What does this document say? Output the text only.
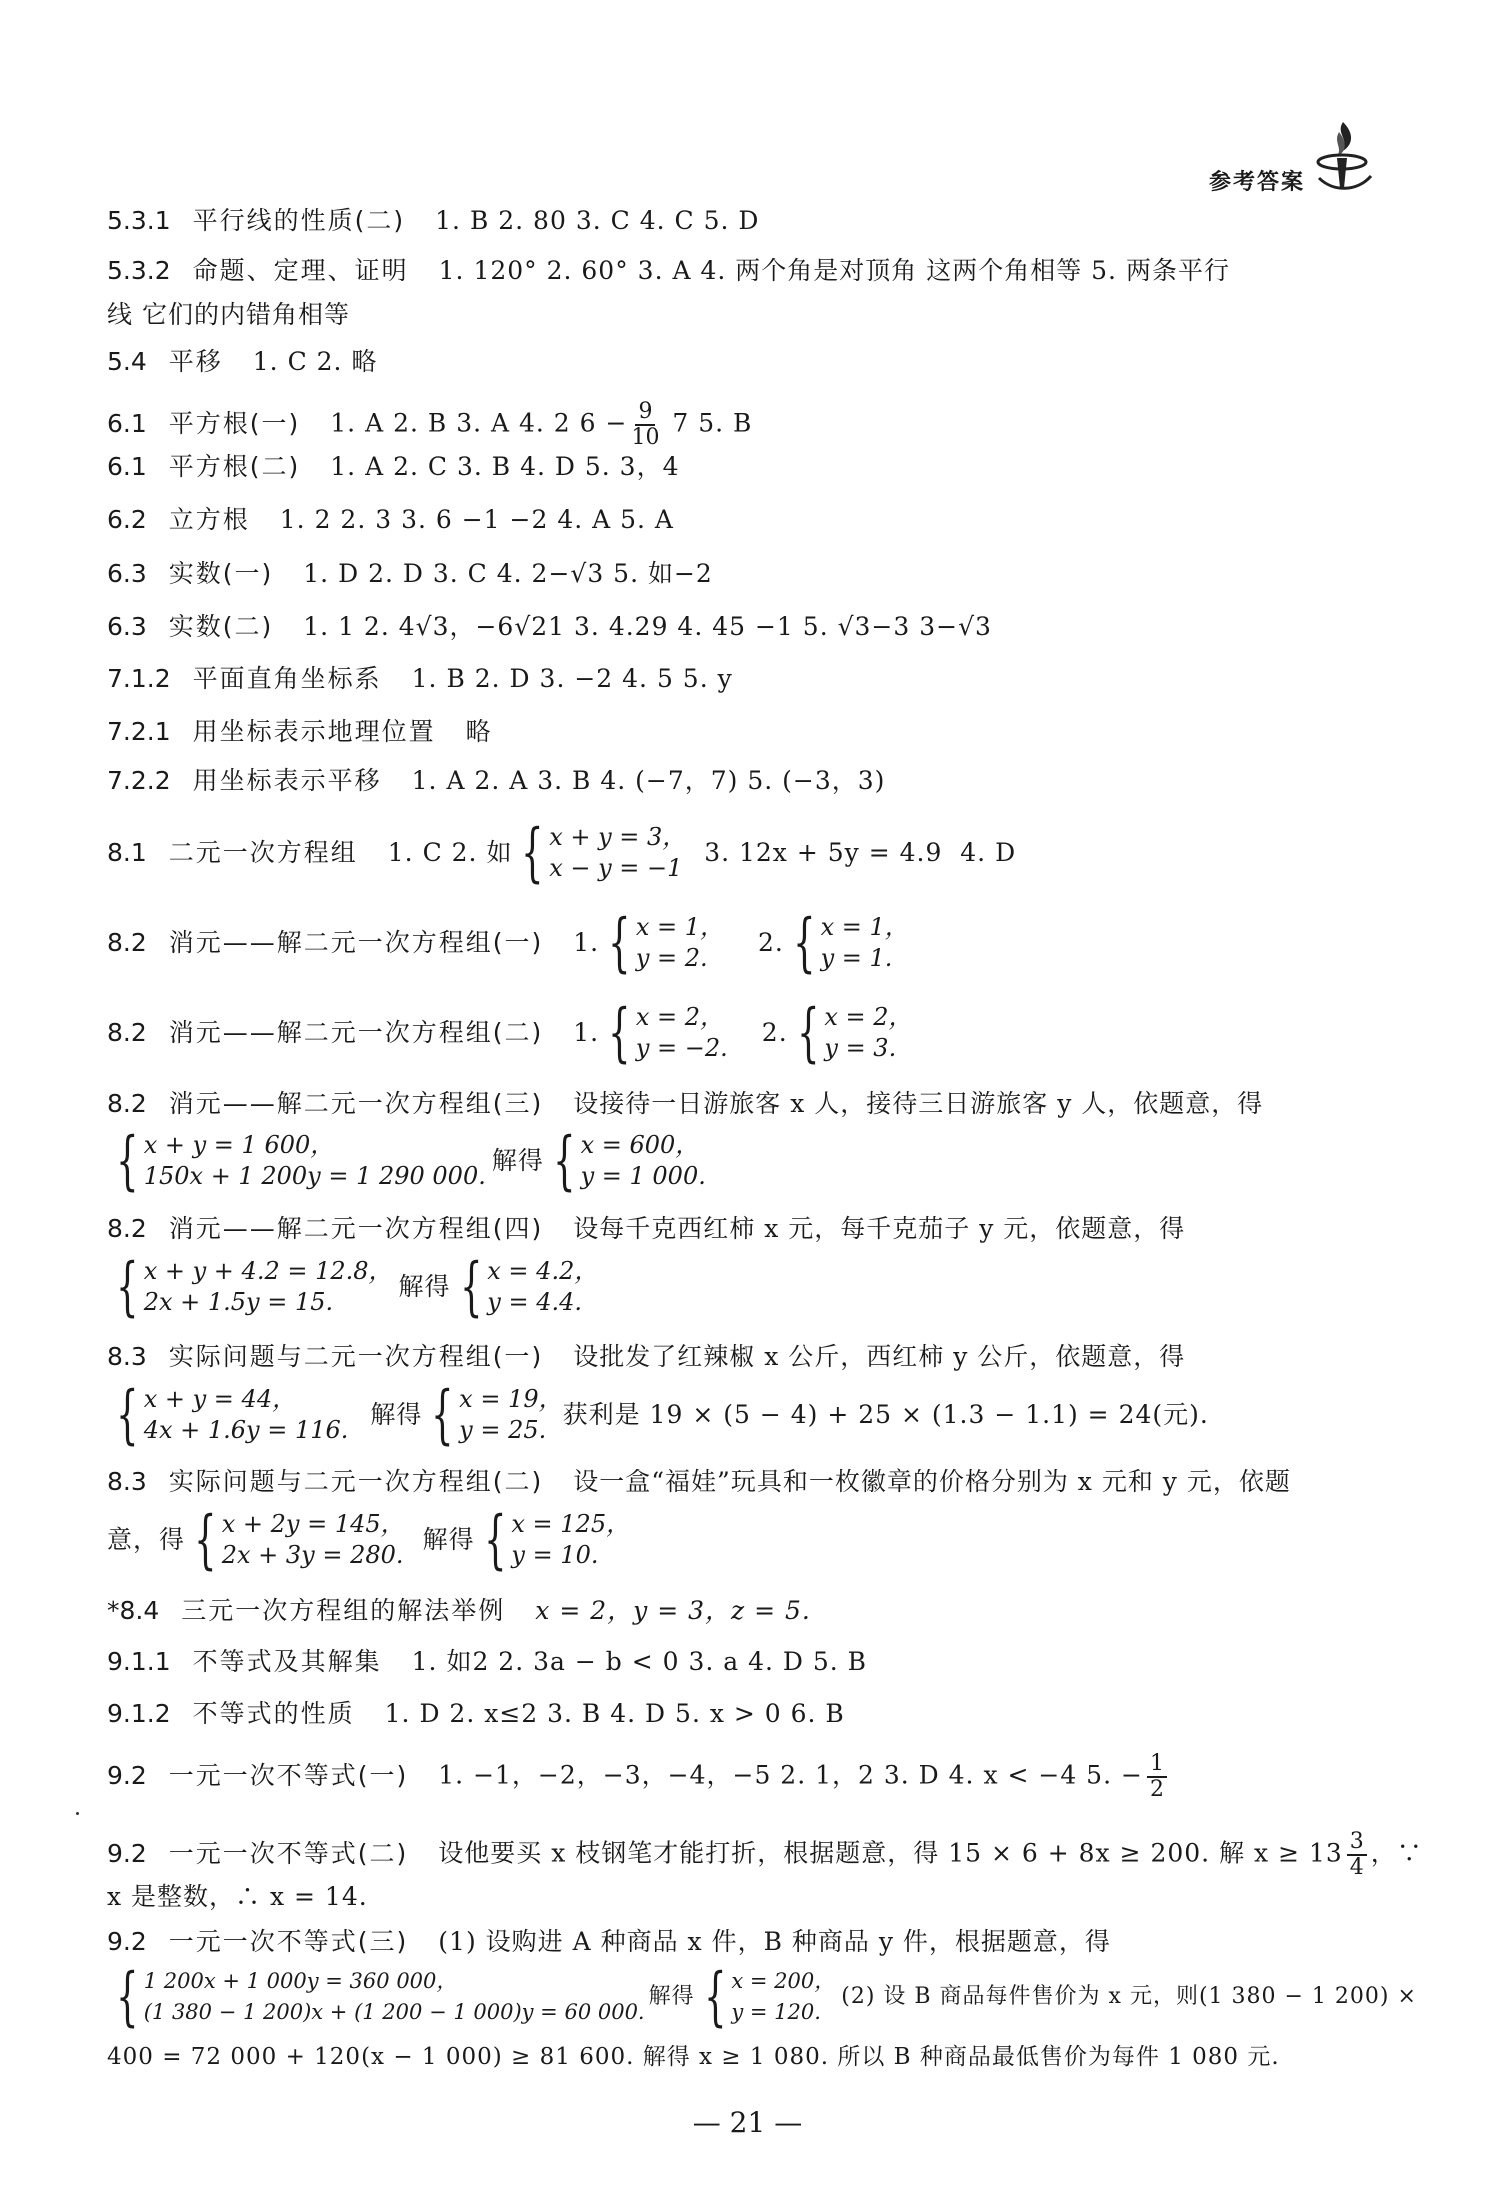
参考答案
5.3.1 平行线的性质(二) 1. B 2. 80 3. C 4. C 5. D
5.3.2 命题、定理、证明 1. 120° 2. 60° 3. A 4. 两个角是对顶角 这两个角相等 5. 两条平行
线 它们的内错角相等
5.4 平移 1. C 2. 略
6.1 平方根(一) 1. A 2. B 3. A 4. 2 $6 - \frac{9}{10} 7$ 5. B
6.1 平方根(二) 1. A 2. C 3. B 4. D 5. 3，4
6.2 立方根 1. 2 2. 3 3. 6 −1 −2 4. A 5. A
6.3 实数(一) 1. D 2. D 3. C 4. 2−√3 5. 如−2
6.3 实数(二) 1. 1 2. 4√3，−6√21 3. 4.29 4. 45 −1 5. √3−3 3−√3
7.1.2 平面直角坐标系 1. B 2. D 3. −2 4. 5 5. y
7.2.1 用坐标表示地理位置 略
7.2.2 用坐标表示平移 1. A 2. A 3. B 4. (−7，7) 5. (−3，3)
8.1 二元一次方程组 1. C 2. 如 { x + y = 3，
x − y = −1
3. 12x + 5y = 4.9  4. D
8.2 消元——解二元一次方程组(一) 1. { x = 1，
y = 2.
2. { x = 1，
y = 1.
8.2 消元——解二元一次方程组(二) 1. { x = 2，
y = −2.
2. { x = 2，
y = 3.
8.2 消元——解二元一次方程组(三) 设接待一日游旅客 x 人，接待三日游旅客 y 人，依题意，得
{ x + y = 1 600，
150x + 1 200y = 1 290 000.
解得 { x = 600，
y = 1 000.
8.2 消元——解二元一次方程组(四) 设每千克西红柿 x 元，每千克茄子 y 元，依题意，得
{ x + y + 4.2 = 12.8，
2x + 1.5y = 15.
解得 { x = 4.2，
y = 4.4.
8.3 实际问题与二元一次方程组(一) 设批发了红辣椒 x 公斤，西红柿 y 公斤，依题意，得
{ x + y = 44，
4x + 1.6y = 116.
解得 { x = 19，
y = 25.
获利是 19 × (5 − 4) + 25 × (1.3 − 1.1) = 24(元).
8.3 实际问题与二元一次方程组(二) 设一盒“福娃”玩具和一枚徽章的价格分别为 x 元和 y 元，依题
意，得 { x + 2y = 145，
2x + 3y = 280.
解得 { x = 125，
y = 10.
*8.4 三元一次方程组的解法举例 x = 2，y = 3，z = 5.
9.1.1 不等式及其解集 1. 如2 2. 3a − b < 0 3. a 4. D 5. B
9.1.2 不等式的性质 1. D 2. x≤2 3. B 4. D 5. x > 0 6. B
9.2 一元一次不等式(一) 1. −1，−2，−3，−4，−5 2. 1，2 3. D 4. x < −4 5. − $\frac{1}{2}$
9.2 一元一次不等式(二) 设他要买 x 枝钢笔才能打折，根据题意，得 15 × 6 + 8x ≥ 200. 解 $x \ge 13 \frac{3}{4}$ ，∵
x 是整数，∴ x = 14.
9.2 一元一次不等式(三) (1) 设购进 A 种商品 x 件，B 种商品 y 件，根据题意，得
{ 1 200x + 1 000y = 360 000，
(1 380 − 1 200)x + (1 200 − 1 000)y = 60 000.
解得 { x = 200，
y = 120.
(2) 设 B 商品每件售价为 x 元，则(1 380 − 1 200) ×
400 = 72 000 + 120(x − 1 000) ≥ 81 600. 解得 x ≥ 1 080. 所以 B 种商品最低售价为每件 1 080 元.
— 21 —
